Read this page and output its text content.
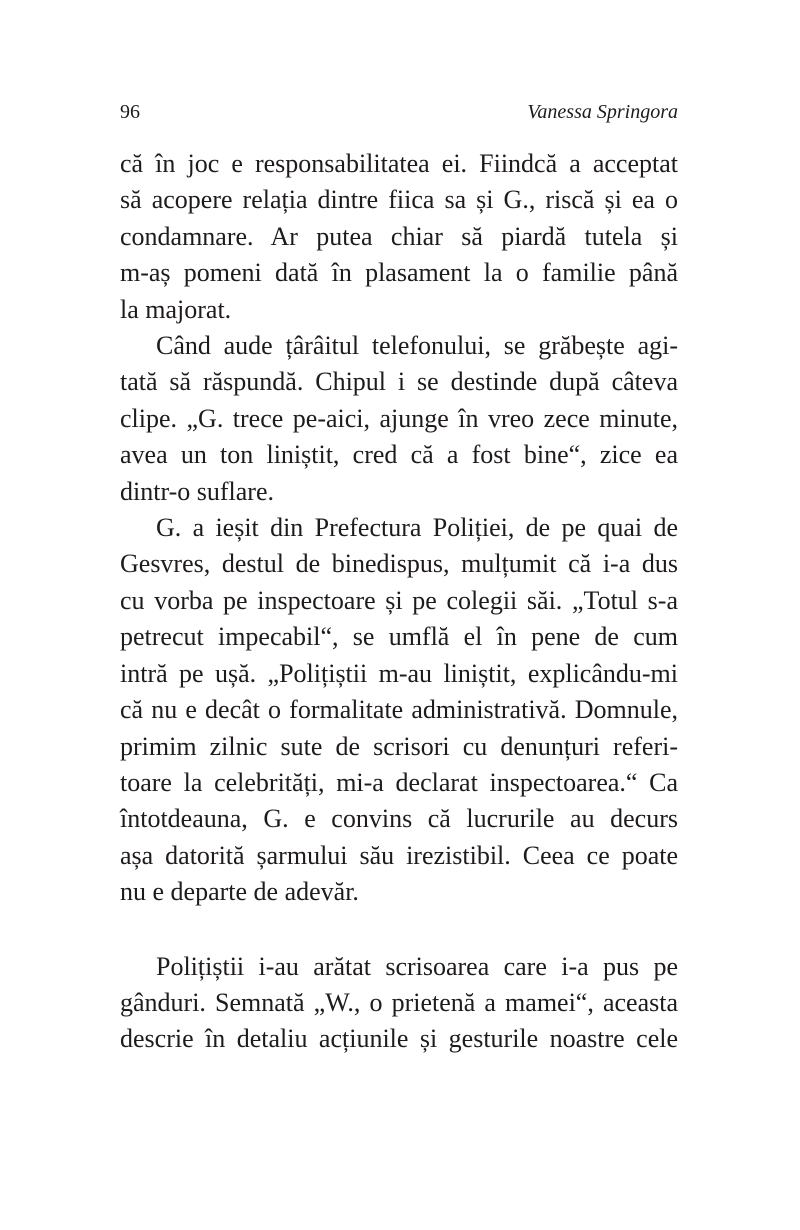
96	Vanessa Springora

că în joc e responsabilitatea ei. Fiindcă a acceptat
să acopere relația dintre fiica sa și G., riscă și ea o
condamnare. Ar putea chiar să piardă tutela și
m-aș pomeni dată în plasament la o familie până
la majorat.

Când aude țârâitul telefonului, se grăbește agi-
tată să răspundă. Chipul i se destinde după câteva
clipe. „G. trece pe-aici, ajunge în vreo zece minute,
avea un ton liniștit, cred că a fost bine“, zice ea
dintr-o suflare.

G. a ieșit din Prefectura Poliției, de pe quai de
Gesvres, destul de binedispus, mulțumit că i-a dus
cu vorba pe inspectoare și pe colegii săi. „Totul s-a
petrecut impecabil“, se umflă el în pene de cum
intră pe ușă. „Polițiștii m-au liniștit, explicându-mi
că nu e decât o formalitate administrativă. Domnule,
primim zilnic sute de scrisori cu denunțuri referi-
toare la celebrități, mi-a declarat inspectoarea.“ Ca
întotdeauna, G. e convins că lucrurile au decurs
așa datorită șarmului său irezistibil. Ceea ce poate
nu e departe de adevăr.

Polițiștii i-au arătat scrisoarea care i-a pus pe
gânduri. Semnată „W., o prietenă a mamei“, aceasta
descrie în detaliu acțiunile și gesturile noastre cele
